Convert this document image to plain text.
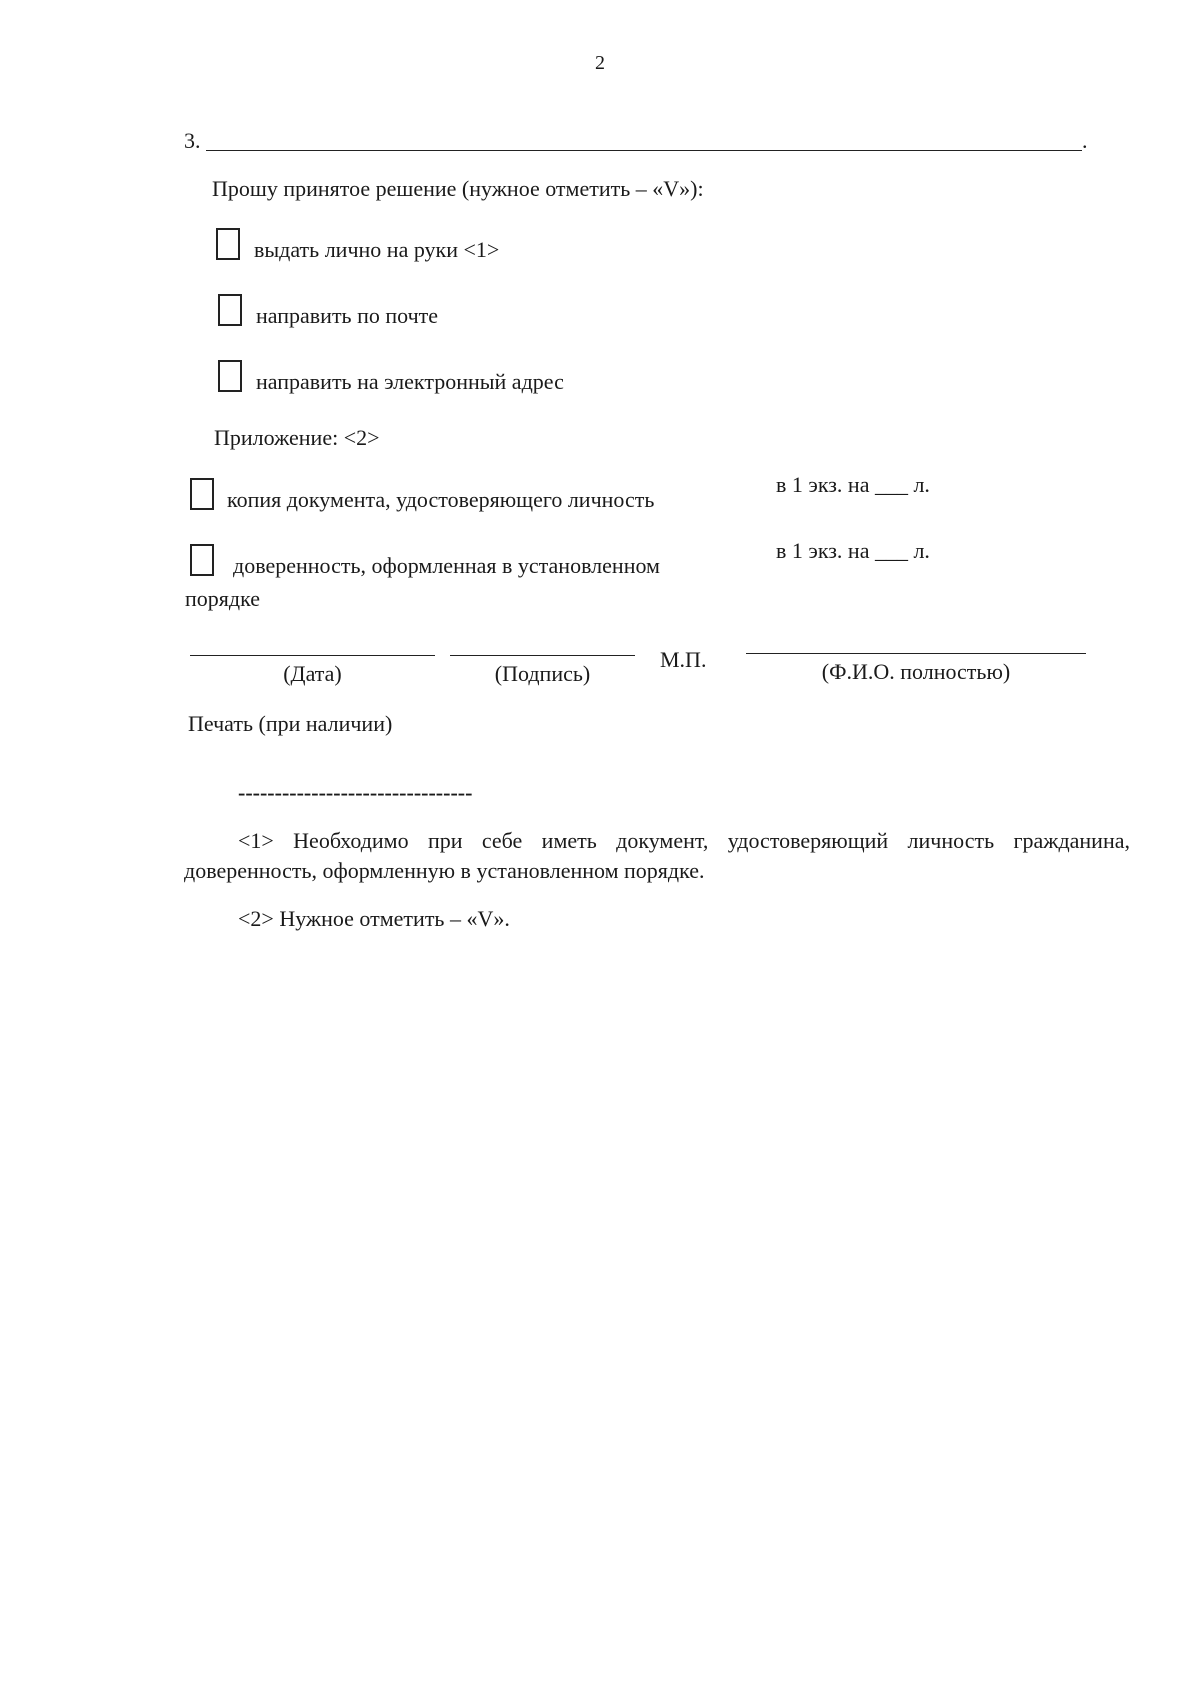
2
3.	.
Прошу принятое решение (нужное отметить – «V»):
выдать лично на руки <1>
направить по почте
направить на электронный адрес
Приложение: <2>
копия документа, удостоверяющего личность
в 1 экз. на ___ л.
доверенность, оформленная в установленном
порядке
в 1 экз. на ___ л.
(Дата)	(Подпись)
М.П.	(Ф.И.О. полностью)
Печать (при наличии)
--------------------------------
<1> Необходимо при себе иметь документ, удостоверяющий личность гражданина, доверенность, оформленную в установленном порядке.
<2> Нужное отметить – «V».
